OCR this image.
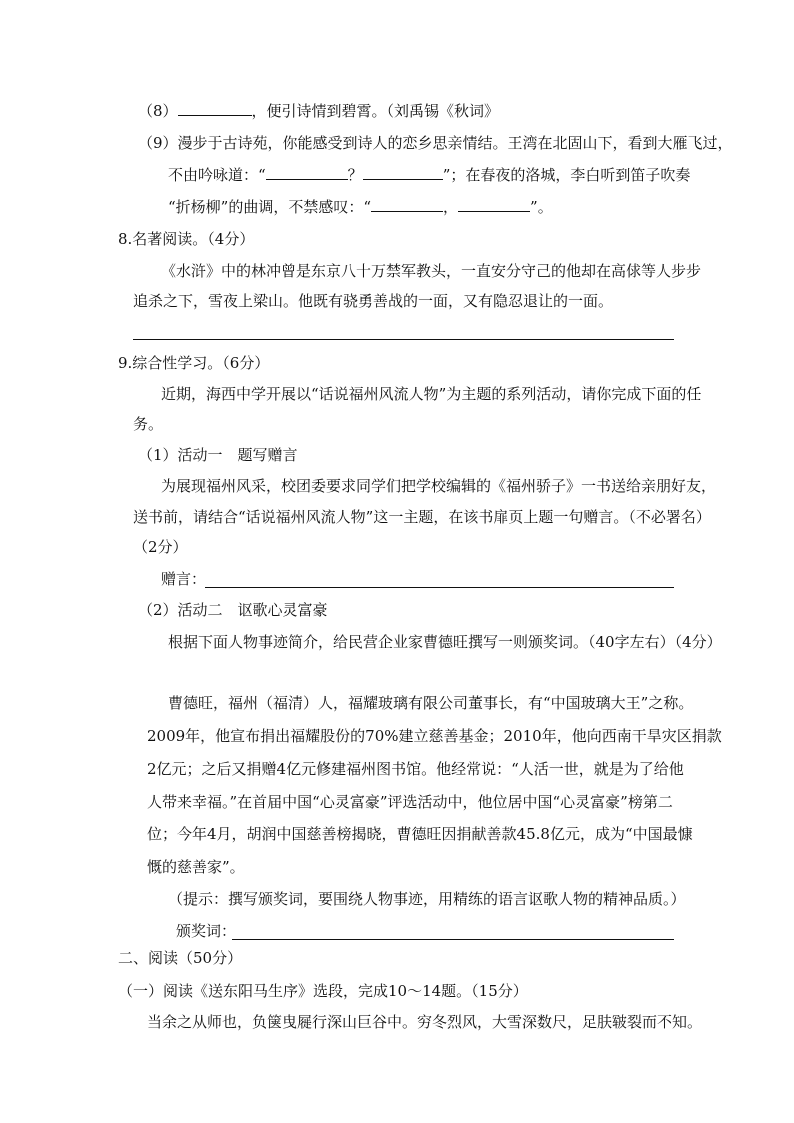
（8）	，便引诗情到碧霄。（刘禹锡《秋词》
（9）漫步于古诗苑，你能感受到诗人的恋乡思亲情结。王湾在北固山下，看到大雁飞过，
不由吟咏道：“	？	”；在春夜的洛城，李白听到笛子吹奏
“折杨柳”的曲调，不禁感叹：“	，	”。
8.名著阅读。（4分）
《水浒》中的林冲曾是东京八十万禁军教头，一直安分守己的他却在高俅等人步步
追杀之下，雪夜上梁山。他既有骁勇善战的一面，又有隐忍退让的一面。
9.综合性学习。（6分）
近期，海西中学开展以“话说福州风流人物”为主题的系列活动，请你完成下面的任
务。
（1）活动一　题写赠言
为展现福州风采，校团委要求同学们把学校编辑的《福州骄子》一书送给亲朋好友，
送书前，请结合“话说福州风流人物”这一主题，在该书扉页上题一句赠言。（不必署名）
（2分）
赠言：
（2）活动二　讴歌心灵富豪
根据下面人物事迹简介，给民营企业家曹德旺撰写一则颁奖词。（40字左右）（4分）
曹德旺，福州（福清）人，福耀玻璃有限公司董事长，有“中国玻璃大王”之称。
2009年，他宣布捐出福耀股份的70%建立慈善基金；2010年，他向西南干旱灾区捐款
2亿元；之后又捐赠4亿元修建福州图书馆。他经常说：“人活一世，就是为了给他
人带来幸福。”在首届中国“心灵富豪”评选活动中，他位居中国“心灵富豪”榜第二
位；今年4月，胡润中国慈善榜揭晓，曹德旺因捐献善款45.8亿元，成为“中国最慷
慨的慈善家”。
（提示：撰写颁奖词，要围绕人物事迹，用精练的语言讴歌人物的精神品质。）
颁奖词：
二、阅读（50分）
（一）阅读《送东阳马生序》选段，完成10～14题。（15分）
当余之从师也，负箧曳屣行深山巨谷中。穷冬烈风，大雪深数尺，足肤皲裂而不知。
